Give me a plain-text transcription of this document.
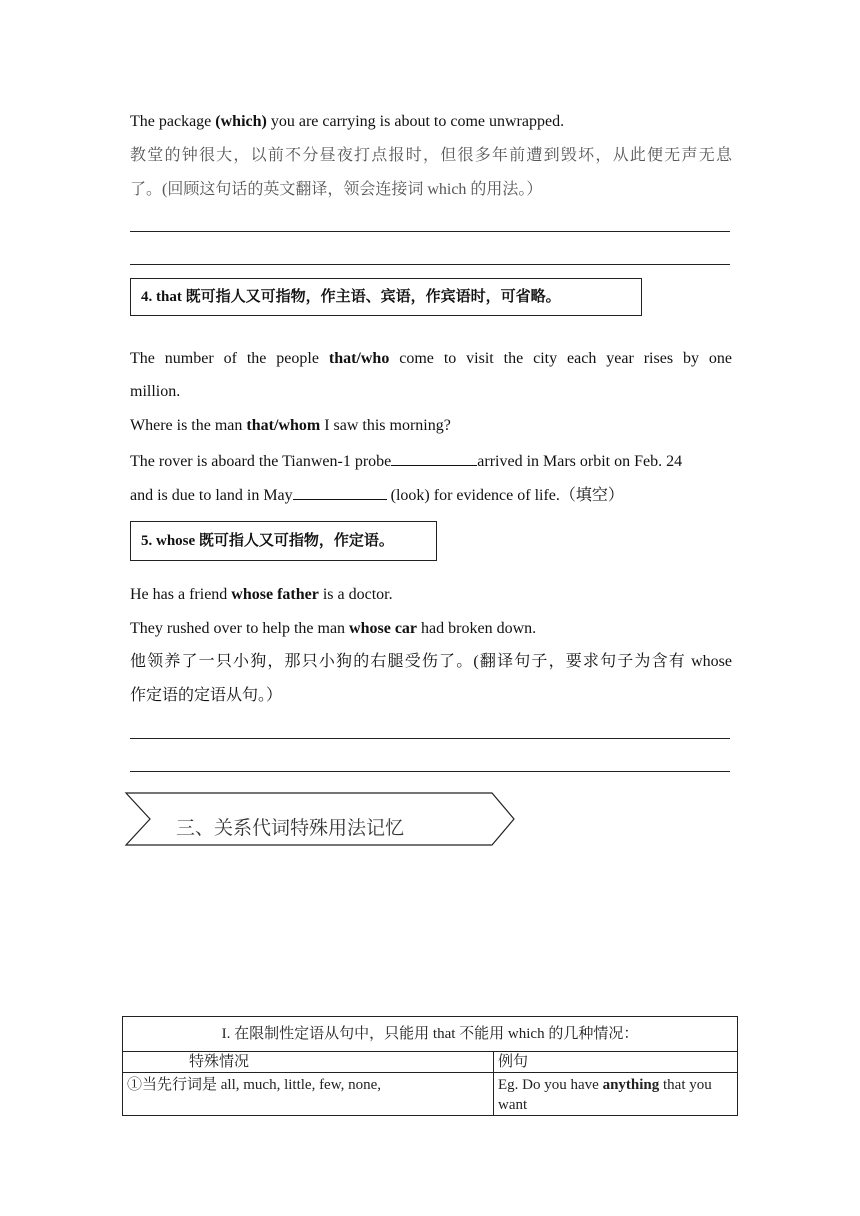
The package (which) you are carrying is about to come unwrapped.
教堂的钟很大，以前不分昼夜打点报时，但很多年前遭到毁坏，从此便无声无息
了。(回顾这句话的英文翻译，领会连接词 which 的用法。）
4. that 既可指人又可指物，作主语、宾语，作宾语时，可省略。
The number of the people that/who come to visit the city each year rises by one
million.
Where is the man that/whom I saw this morning?
The rover is aboard the Tianwen-1 probe	arrived in Mars orbit on Feb. 24
and is due to land in May	(look) for evidence of life.（填空）
5. whose 既可指人又可指物，作定语。
He has a friend whose father is a doctor.
They rushed over to help the man whose car had broken down.
他领养了一只小狗，那只小狗的右腿受伤了。(翻译句子，要求句子为含有 whose
作定语的定语从句。）
三、关系代词特殊用法记忆
I. 在限制性定语从句中，只能用 that 不能用 which 的几种情况：	
特殊情况	例句
①当先行词是 all, much, little, few, none,	Eg. Do you have anything that you want
